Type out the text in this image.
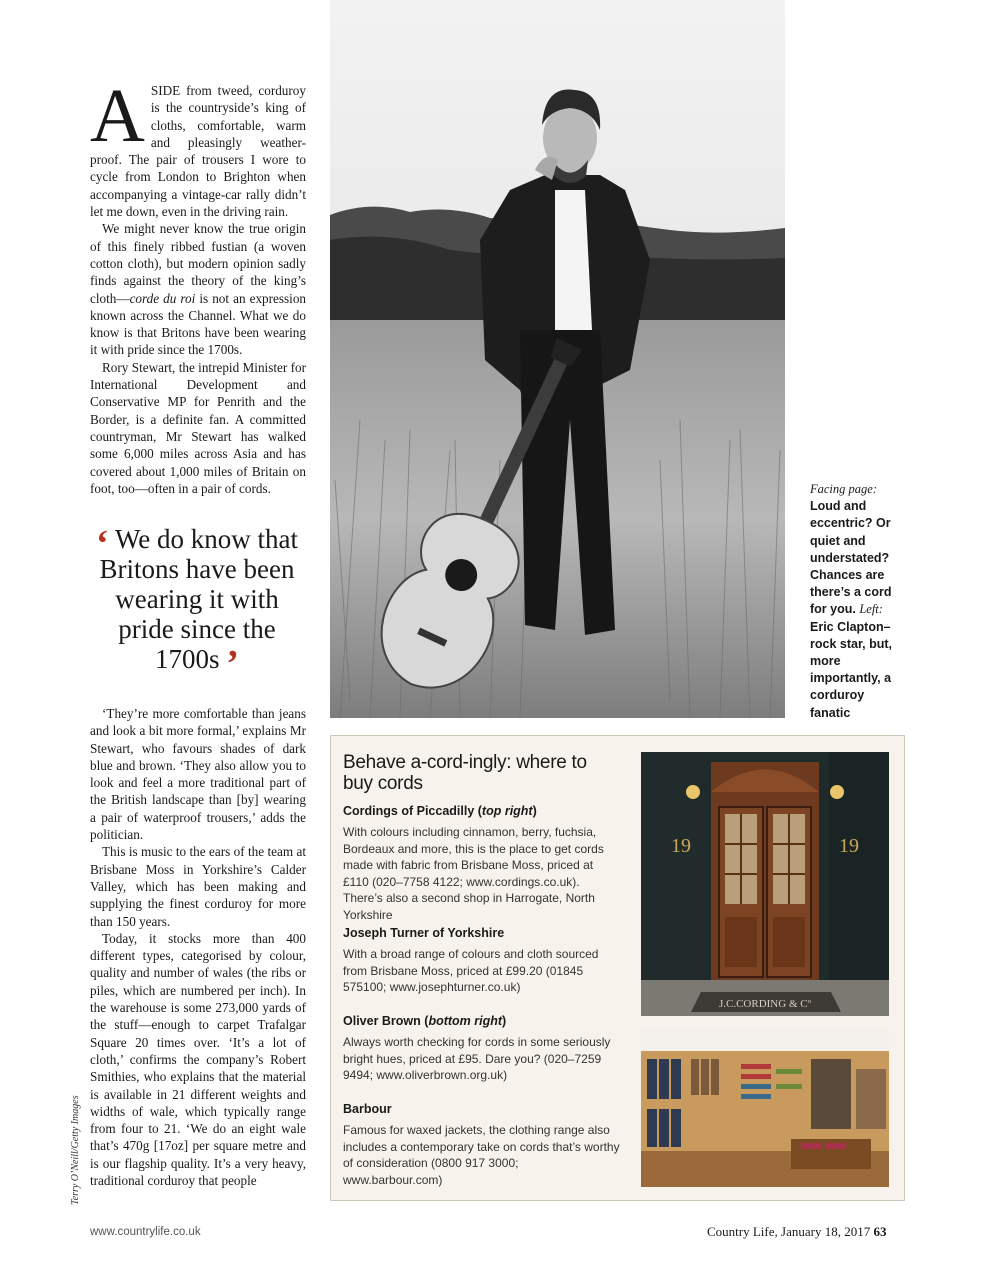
ASIDE from tweed, corduroy is the countryside’s king of cloths, comfortable, warm and pleasingly weather-proof. The pair of trousers I wore to cycle from London to Brighton when accompanying a vintage-car rally didn’t let me down, even in the driving rain.

We might never know the true origin of this finely ribbed fustian (a woven cotton cloth), but modern opinion sadly finds against the theory of the king’s cloth—corde du roi is not an expression known across the Channel. What we do know is that Britons have been wearing it with pride since the 1700s.

Rory Stewart, the intrepid Minister for International Development and Conservative MP for Penrith and the Border, is a definite fan. A committed countryman, Mr Stewart has walked some 6,000 miles across Asia and has covered about 1,000 miles of Britain on foot, too—often in a pair of cords.

‘ We do know that Britons have been wearing it with pride since the 1700s ’

‘They’re more comfortable than jeans and look a bit more formal,’ explains Mr Stewart, who favours shades of dark blue and brown. ‘They also allow you to look and feel a more traditional part of the British landscape than [by] wearing a pair of waterproof trousers,’ adds the politician.

This is music to the ears of the team at Brisbane Moss in Yorkshire’s Calder Valley, which has been making and supplying the finest corduroy for more than 150 years.

Today, it stocks more than 400 different types, categorised by colour, quality and number of wales (the ribs or piles, which are numbered per inch). In the warehouse is some 273,000 yards of the stuff—enough to carpet Trafalgar Square 20 times over. ‘It’s a lot of cloth,’ confirms the company’s Robert Smithies, who explains that the material is available in 21 different weights and widths of wale, which typically range from four to 21. ‘We do an eight wale that’s 470g [17oz] per square metre and is our flagship quality. It’s a very heavy, traditional corduroy that people

Terry O’Neill/Getty Images
Facing page:
Loud and eccentric? Or quiet and understated? Chances are there’s a cord for you. Left: Eric Clapton– rock star, but, more importantly, a corduroy fanatic
Behave a-cord-ingly: where to buy cords
Cordings of Piccadilly (top right)

With colours including cinnamon, berry, fuchsia, Bordeaux and more, this is the place to get cords made with fabric from Brisbane Moss, priced at £110 (020–7758 4122; www.cordings.co.uk). There’s also a second shop in Harrogate, North Yorkshire

Joseph Turner of Yorkshire

With a broad range of colours and cloth sourced from Brisbane Moss, priced at £99.20 (01845 575100; www.josephturner.co.uk)

Oliver Brown (bottom right)

Always worth checking for cords in some seriously bright hues, priced at £95. Dare you? (020–7259 9494; www.oliverbrown.org.uk)

Barbour

Famous for waxed jackets, the clothing range also includes a contemporary take on cords that’s worthy of consideration (0800 917 3000; www.barbour.com)

19	19
J.C.CORDING & Cº
www.countrylife.co.uk	Country Life, January 18, 2017 63
